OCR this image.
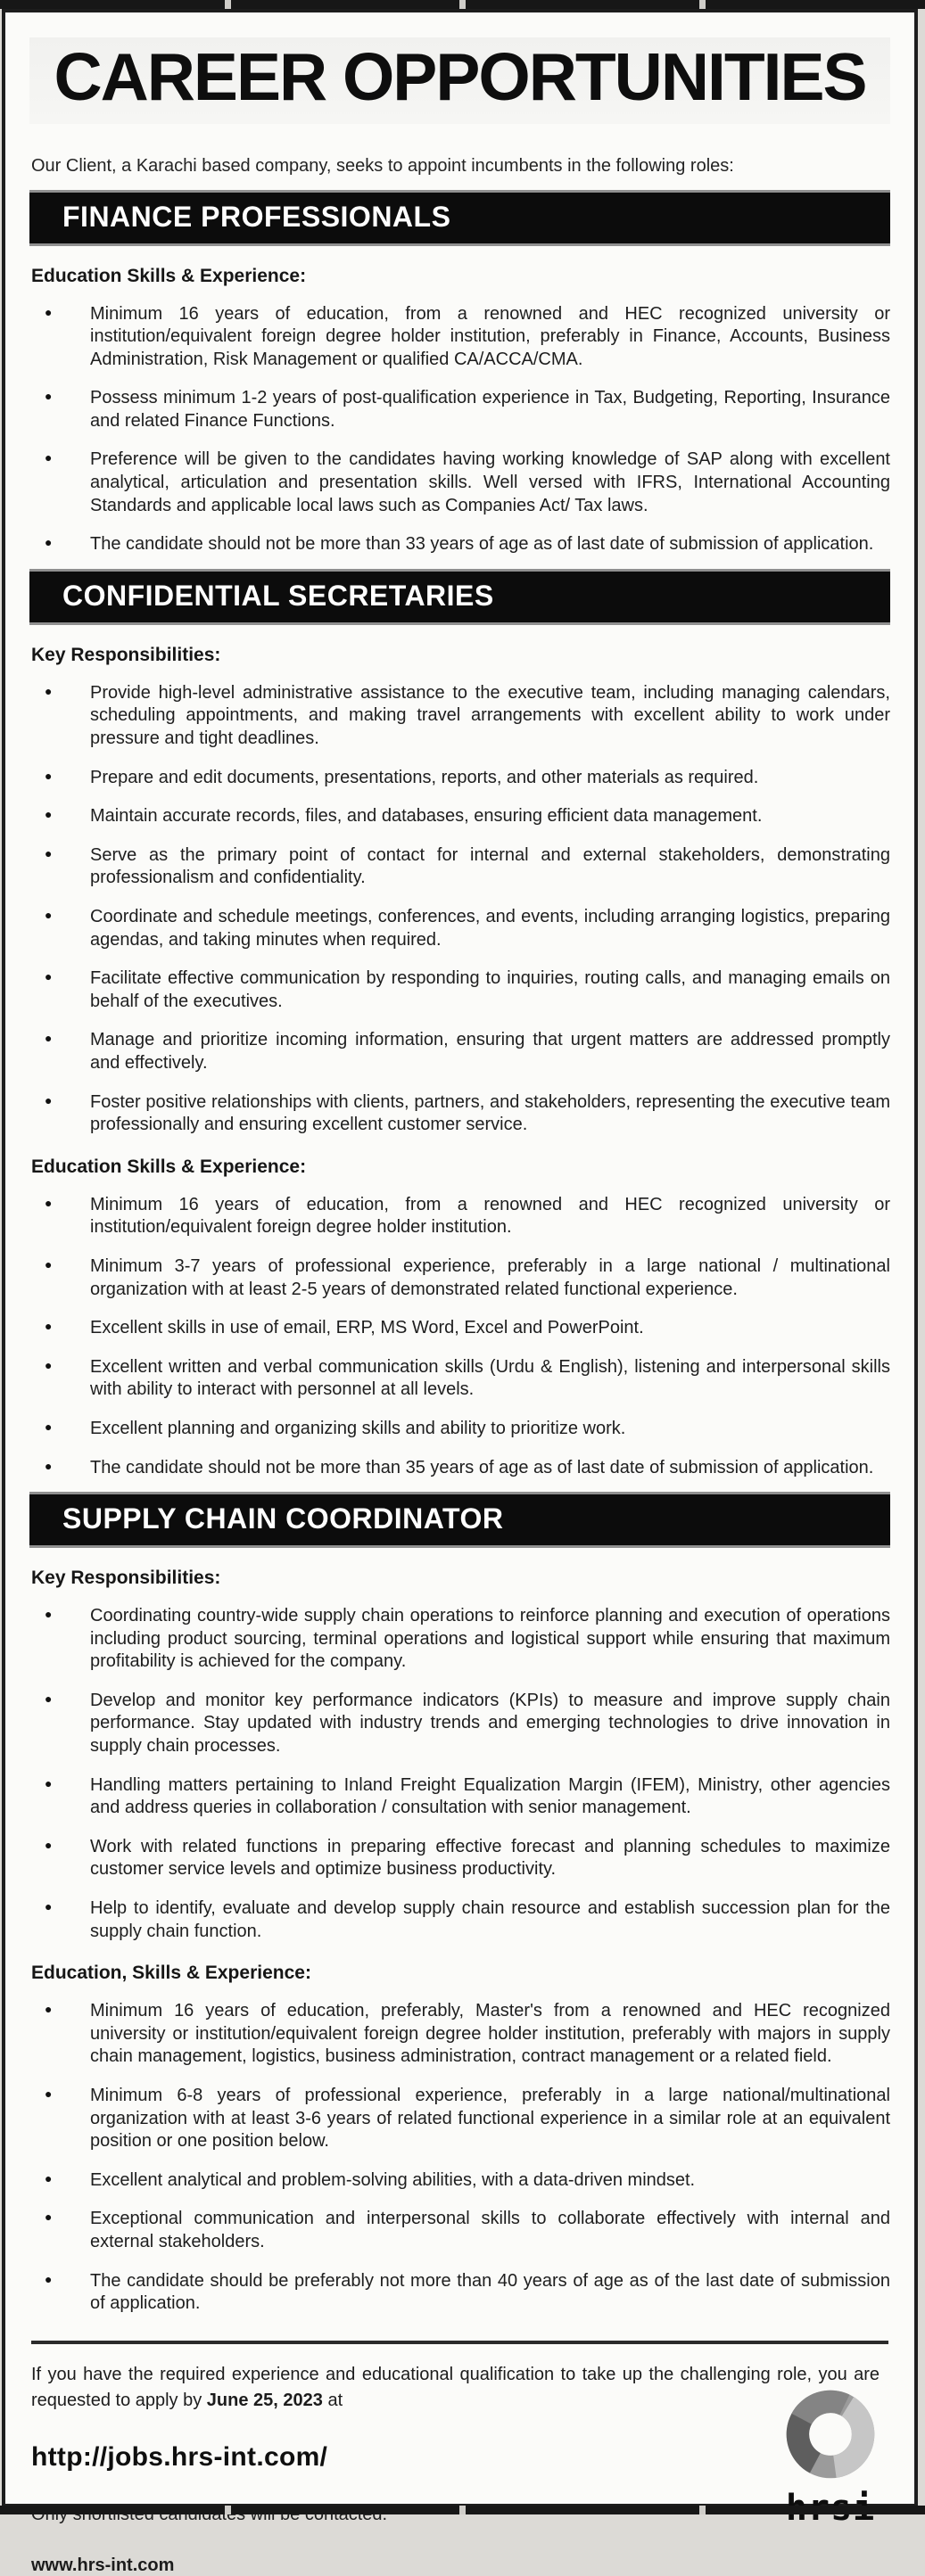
CAREER OPPORTUNITIES

Our Client, a Karachi based company, seeks to appoint incumbents in the following roles:

FINANCE PROFESSIONALS

Education Skills & Experience:

● Minimum 16 years of education, from a renowned and HEC recognized university or institution/equivalent foreign degree holder institution, preferably in Finance, Accounts, Business Administration, Risk Management or qualified CA/ACCA/CMA.
● Possess minimum 1-2 years of post-qualification experience in Tax, Budgeting, Reporting, Insurance and related Finance Functions.
● Preference will be given to the candidates having working knowledge of SAP along with excellent analytical, articulation and presentation skills. Well versed with IFRS, International Accounting Standards and applicable local laws such as Companies Act/ Tax laws.
● The candidate should not be more than 33 years of age as of last date of submission of application.
CONFIDENTIAL SECRETARIES

Key Responsibilities:

● Provide high-level administrative assistance to the executive team, including managing calendars, scheduling appointments, and making travel arrangements with excellent ability to work under pressure and tight deadlines.
● Prepare and edit documents, presentations, reports, and other materials as required.
● Maintain accurate records, files, and databases, ensuring efficient data management.
● Serve as the primary point of contact for internal and external stakeholders, demonstrating professionalism and confidentiality.
● Coordinate and schedule meetings, conferences, and events, including arranging logistics, preparing agendas, and taking minutes when required.
● Facilitate effective communication by responding to inquiries, routing calls, and managing emails on behalf of the executives.
● Manage and prioritize incoming information, ensuring that urgent matters are addressed promptly and effectively.
● Foster positive relationships with clients, partners, and stakeholders, representing the executive team professionally and ensuring excellent customer service.

Education Skills & Experience:

● Minimum 16 years of education, from a renowned and HEC recognized university or institution/equivalent foreign degree holder institution.
● Minimum 3-7 years of professional experience, preferably in a large national / multinational organization with at least 2-5 years of demonstrated related functional experience.
● Excellent skills in use of email, ERP, MS Word, Excel and PowerPoint.
● Excellent written and verbal communication skills (Urdu & English), listening and interpersonal skills with ability to interact with personnel at all levels.
● Excellent planning and organizing skills and ability to prioritize work.
● The candidate should not be more than 35 years of age as of last date of submission of application.
SUPPLY CHAIN COORDINATOR

Key Responsibilities:

● Coordinating country-wide supply chain operations to reinforce planning and execution of operations including product sourcing, terminal operations and logistical support while ensuring that maximum profitability is achieved for the company.
● Develop and monitor key performance indicators (KPIs) to measure and improve supply chain performance. Stay updated with industry trends and emerging technologies to drive innovation in supply chain processes.
● Handling matters pertaining to Inland Freight Equalization Margin (IFEM), Ministry, other agencies and address queries in collaboration / consultation with senior management.
● Work with related functions in preparing effective forecast and planning schedules to maximize customer service levels and optimize business productivity.
● Help to identify, evaluate and develop supply chain resource and establish succession plan for the supply chain function.

Education, Skills & Experience:

● Minimum 16 years of education, preferably, Master's from a renowned and HEC recognized university or institution/equivalent foreign degree holder institution, preferably with majors in supply chain management, logistics, business administration, contract management or a related field.
● Minimum 6-8 years of professional experience, preferably in a large national/multinational organization with at least 3-6 years of related functional experience in a similar role at an equivalent position or one position below.
● Excellent analytical and problem-solving abilities, with a data-driven mindset.
● Exceptional communication and interpersonal skills to collaborate effectively with internal and external stakeholders.
● The candidate should be preferably not more than 40 years of age as of the last date of submission of application.

If you have the required experience and educational qualification to take up the challenging role, you are requested to apply by June 25, 2023 at

http://jobs.hrs-int.com/

www.hrs-int.com
